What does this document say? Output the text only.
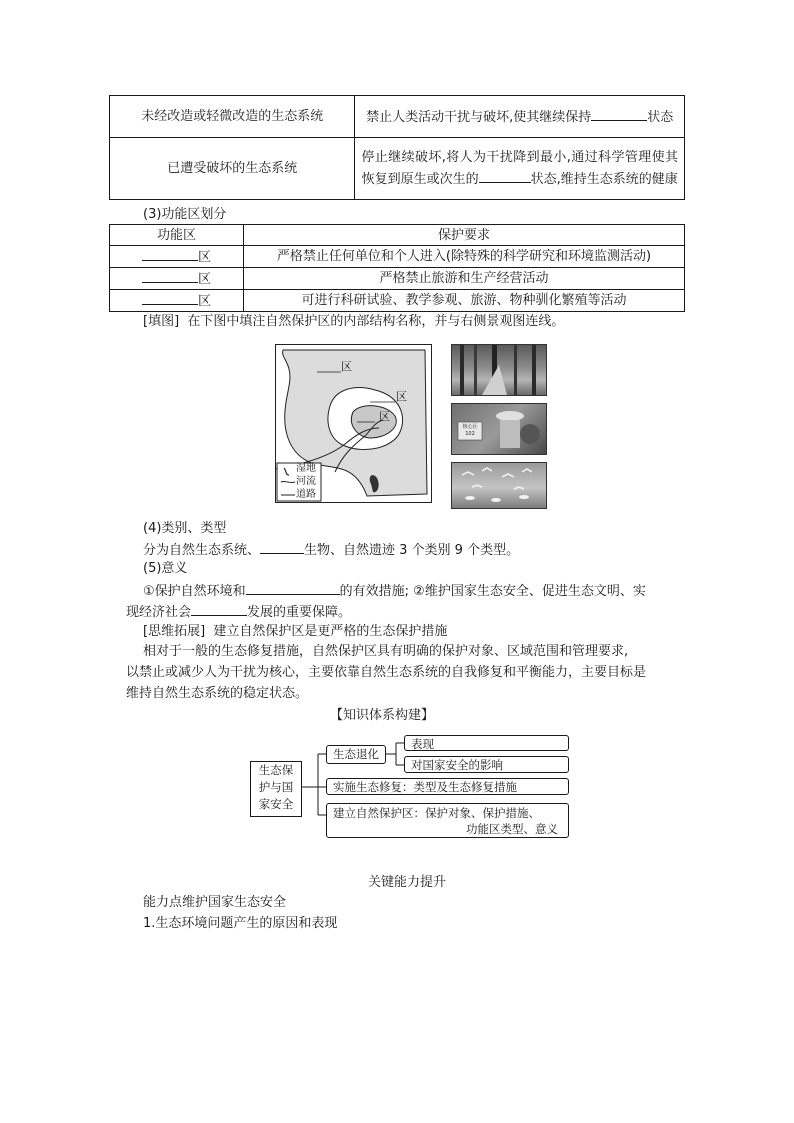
未经改造或轻微改造的生态系统	禁止人类活动干扰与破坏,使其继续保持 状态
已遭受破坏的生态系统	停止继续破坏,将人为干扰降到最小,通过科学管理使其恢复到原生或次生的 状态,维持生态系统的健康
(3)功能区划分
功能区	保护要求
区	严格禁止任何单位和个人进入(除特殊的科学研究和环境监测活动)
区	严格禁止旅游和生产经营活动
区	可进行科研试验、教学参观、旅游、物种驯化繁殖等活动
[填图] 在下图中填注自然保护区的内部结构名称，并与右侧景观图连线。
区
区
区
湿地
河流
道路
核心区 102
(4)类别、类型
分为自然生态系统、	生物、自然遗迹 3 个类别 9 个类型。
(5)意义
①保护自然环境和	的有效措施; ②维护国家生态安全、促进生态文明、实
现经济社会	发展的重要保障。
[思维拓展] 建立自然保护区是更严格的生态保护措施
相对于一般的生态修复措施，自然保护区具有明确的保护对象、区域范围和管理要求,
以禁止或减少人为干扰为核心，主要依靠自然生态系统的自我修复和平衡能力，主要目标是
维持自然生态系统的稳定状态。
【知识体系构建】
生态保
护与国
家安全
生态退化
表现
对国家安全的影响
实施生态修复：类型及生态修复措施
建立自然保护区：保护对象、保护措施、
功能区类型、意义
关键能力提升
能力点维护国家生态安全
1.生态环境问题产生的原因和表现
